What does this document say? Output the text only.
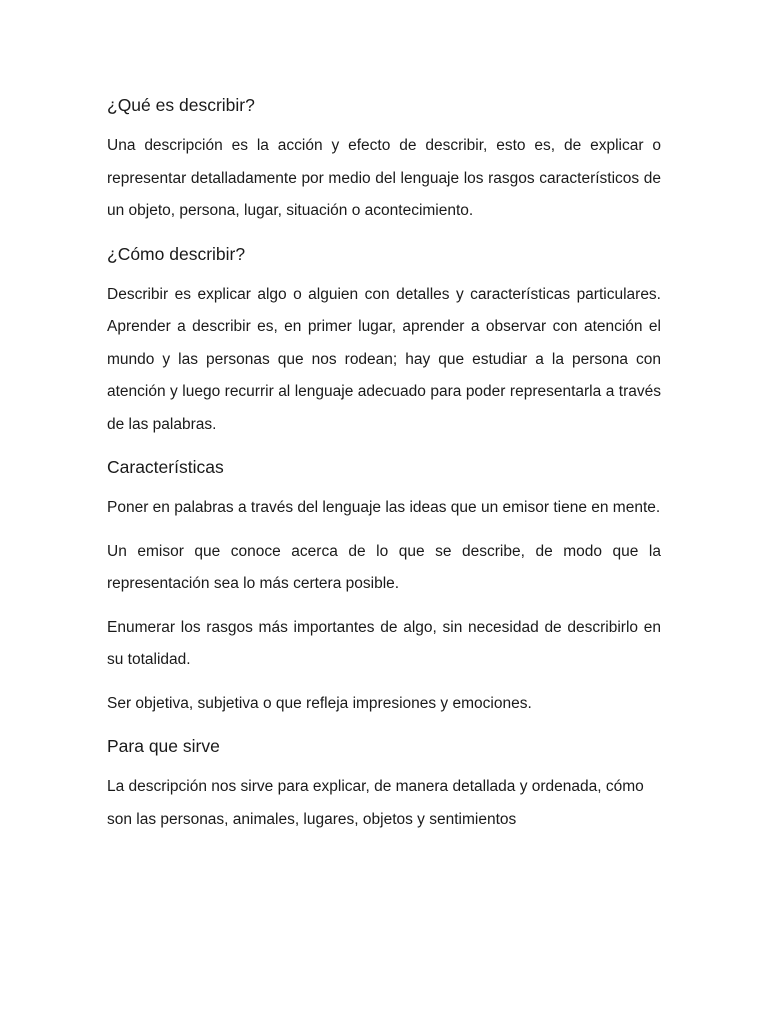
¿Qué es describir?

Una descripción es la acción y efecto de describir, esto es, de explicar o representar detalladamente por medio del lenguaje los rasgos característicos de un objeto, persona, lugar, situación o acontecimiento.

¿Cómo describir?

Describir es explicar algo o alguien con detalles y características particulares. Aprender a describir es, en primer lugar, aprender a observar con atención el mundo y las personas que nos rodean; hay que estudiar a la persona con atención y luego recurrir al lenguaje adecuado para poder representarla a través de las palabras.

Características

Poner en palabras a través del lenguaje las ideas que un emisor tiene en mente.

Un emisor que conoce acerca de lo que se describe, de modo que la representación sea lo más certera posible.

Enumerar los rasgos más importantes de algo, sin necesidad de describirlo en su totalidad.

Ser objetiva, subjetiva o que refleja impresiones y emociones.

Para que sirve

La descripción nos sirve para explicar, de manera detallada y ordenada, cómo son las personas, animales, lugares, objetos y sentimientos
